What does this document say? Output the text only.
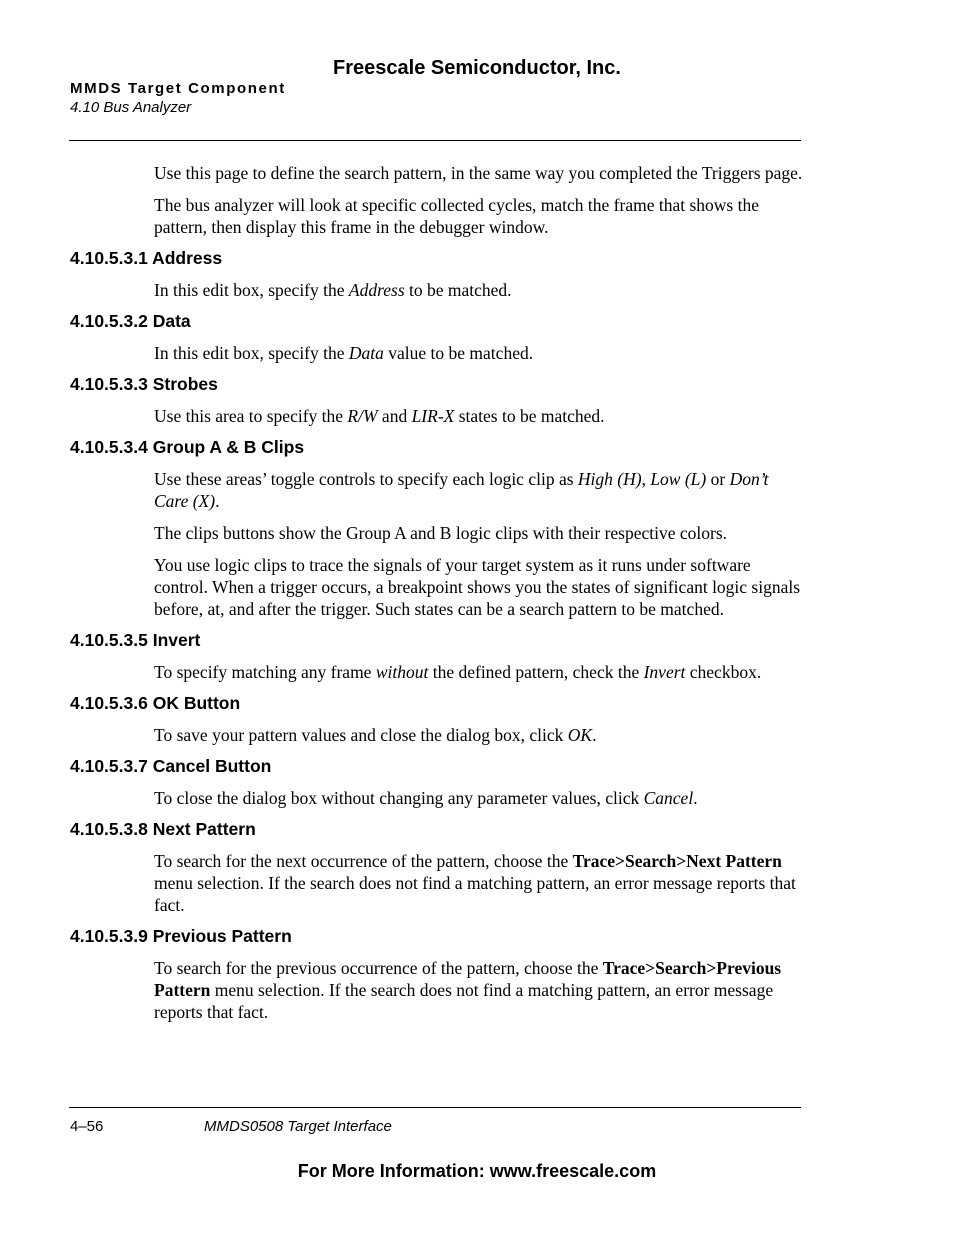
Freescale Semiconductor, Inc.
MMDS Target Component
4.10 Bus Analyzer

Use this page to define the search pattern, in the same way you completed the Triggers page.

The bus analyzer will look at specific collected cycles, match the frame that shows the pattern, then display this frame in the debugger window.

4.10.5.3.1 Address

In this edit box, specify the Address to be matched.

4.10.5.3.2 Data

In this edit box, specify the Data value to be matched.

4.10.5.3.3 Strobes

Use this area to specify the R/W and LIR-X states to be matched.

4.10.5.3.4 Group A & B Clips

Use these areas’ toggle controls to specify each logic clip as High (H), Low (L) or Don’t Care (X).

The clips buttons show the Group A and B logic clips with their respective colors.

You use logic clips to trace the signals of your target system as it runs under software control. When a trigger occurs, a breakpoint shows you the states of significant logic signals before, at, and after the trigger. Such states can be a search pattern to be matched.

4.10.5.3.5 Invert

To specify matching any frame without the defined pattern, check the Invert checkbox.

4.10.5.3.6 OK Button

To save your pattern values and close the dialog box, click OK.

4.10.5.3.7 Cancel Button

To close the dialog box without changing any parameter values, click Cancel.

4.10.5.3.8 Next Pattern

To search for the next occurrence of the pattern, choose the Trace>Search>Next Pattern menu selection. If the search does not find a matching pattern, an error message reports that fact.

4.10.5.3.9 Previous Pattern

To search for the previous occurrence of the pattern, choose the Trace>Search>Previous Pattern menu selection. If the search does not find a matching pattern, an error message reports that fact.

4–56	MMDS0508 Target Interface
For More Information: www.freescale.com
